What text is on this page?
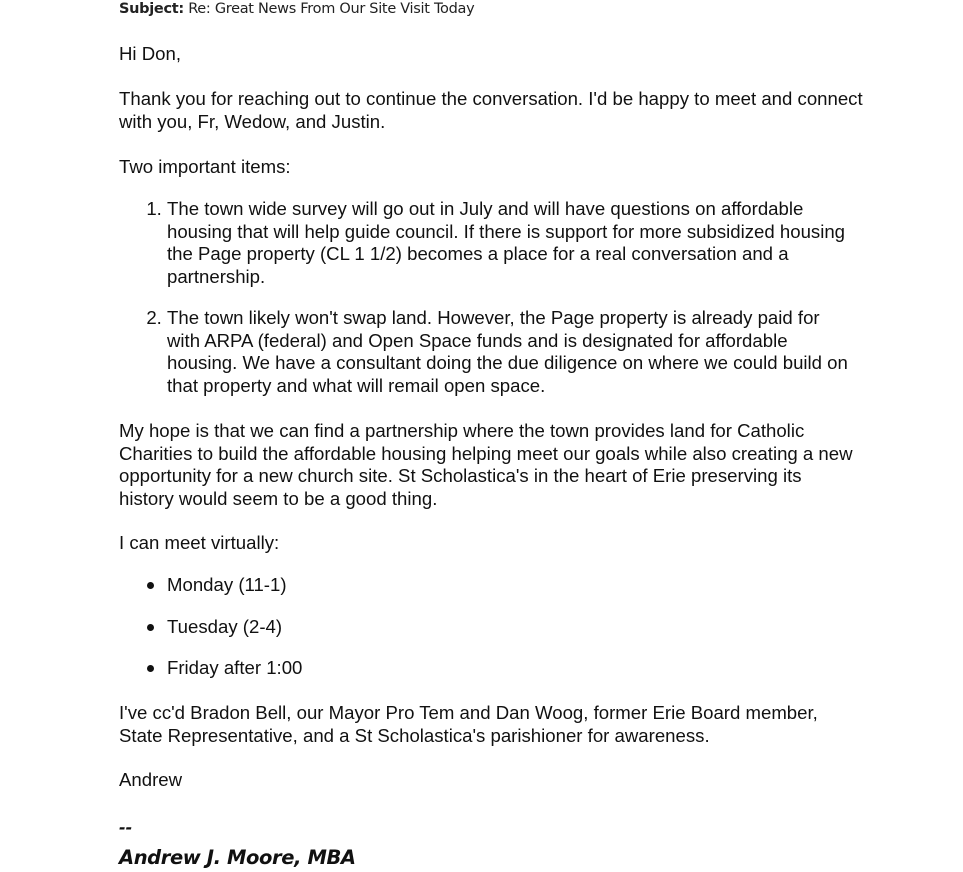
Subject: Re: Great News From Our Site Visit Today

Hi Don,

Thank you for reaching out to continue the conversation. I'd be happy to meet and connect with you, Fr, Wedow, and Justin.

Two important items:

1. The town wide survey will go out in July and will have questions on affordable housing that will help guide council. If there is support for more subsidized housing the Page property (CL 1 1/2) becomes a place for a real conversation and a partnership.
2. The town likely won't swap land. However, the Page property is already paid for with ARPA (federal) and Open Space funds and is designated for affordable housing. We have a consultant doing the due diligence on where we could build on that property and what will remail open space.

My hope is that we can find a partnership where the town provides land for Catholic Charities to build the affordable housing helping meet our goals while also creating a new opportunity for a new church site. St Scholastica's in the heart of Erie preserving its history would seem to be a good thing.

I can meet virtually:

Monday (11-1)
Tuesday (2-4)
Friday after 1:00

I've cc'd Bradon Bell, our Mayor Pro Tem and Dan Woog, former Erie Board member, State Representative, and a St Scholastica's parishioner for awareness.

Andrew

--
Andrew J. Moore, MBA
